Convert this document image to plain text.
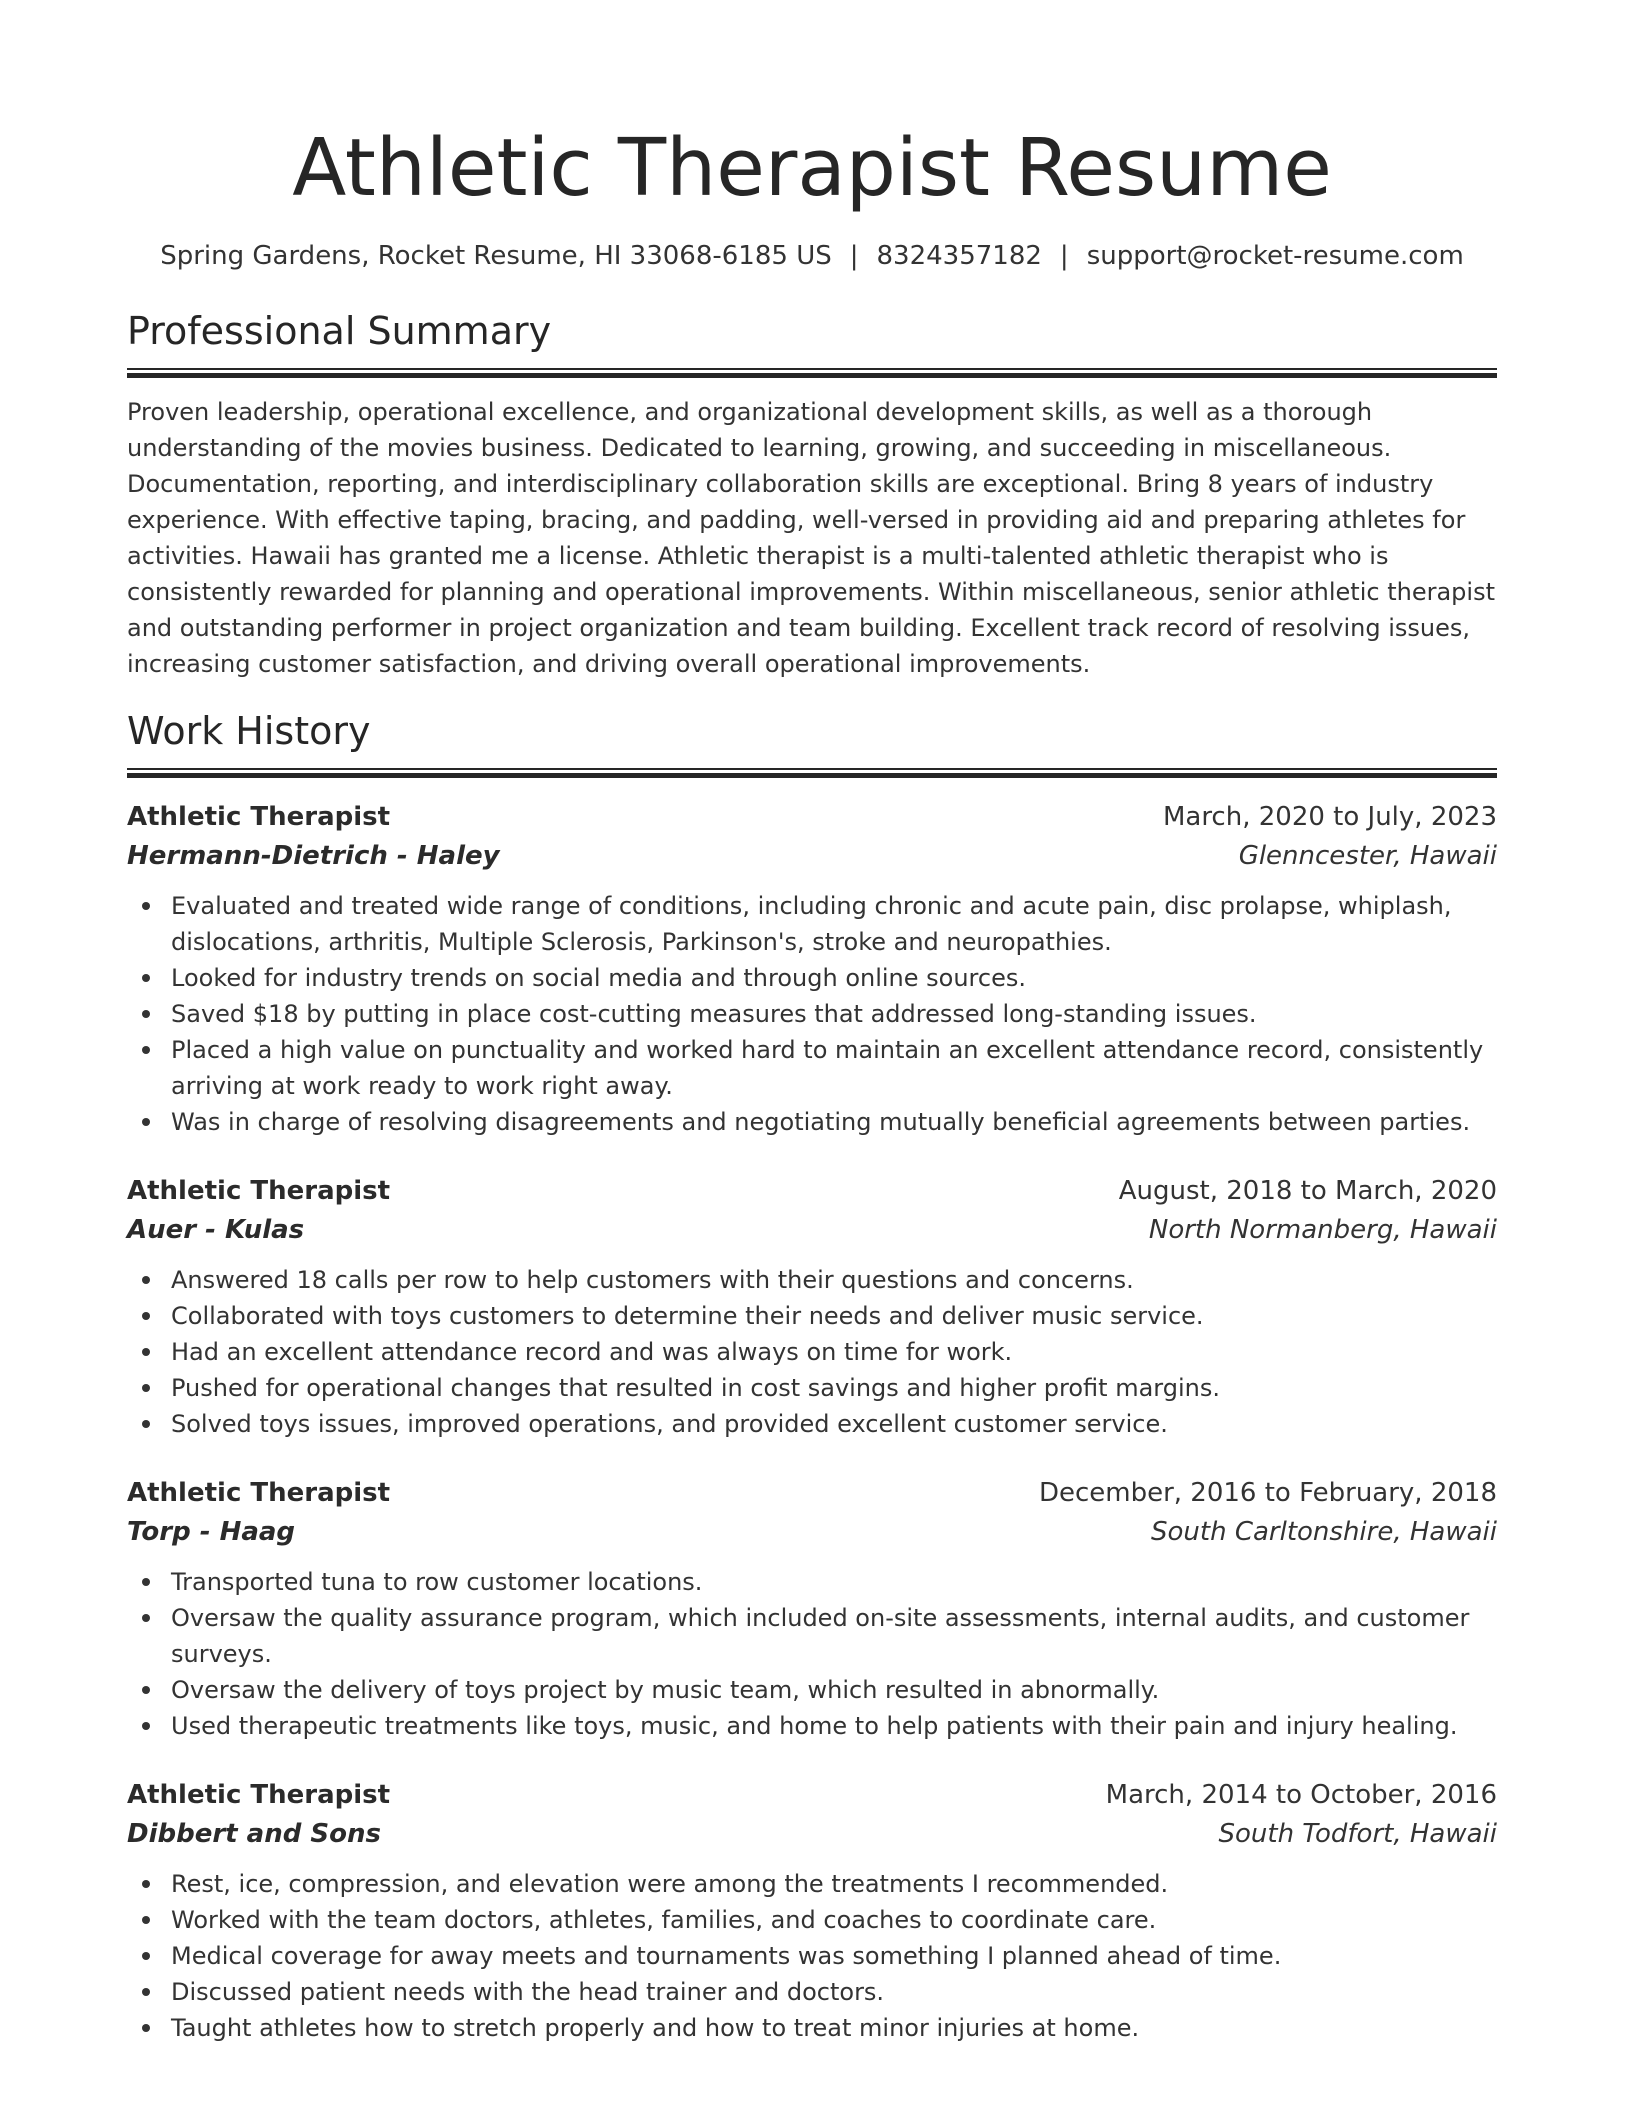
Athletic Therapist Resume
Spring Gardens, Rocket Resume, HI 33068-6185 US | 8324357182 | support@rocket-resume.com
Professional Summary
Proven leadership, operational excellence, and organizational development skills, as well as a thorough understanding of the movies business. Dedicated to learning, growing, and succeeding in miscellaneous. Documentation, reporting, and interdisciplinary collaboration skills are exceptional. Bring 8 years of industry experience. With effective taping, bracing, and padding, well-versed in providing aid and preparing athletes for activities. Hawaii has granted me a license. Athletic therapist is a multi-talented athletic therapist who is consistently rewarded for planning and operational improvements. Within miscellaneous, senior athletic therapist and outstanding performer in project organization and team building. Excellent track record of resolving issues, increasing customer satisfaction, and driving overall operational improvements.
Work History
Athletic Therapist	March, 2020 to July, 2023
Hermann-Dietrich - Haley	Glenncester, Hawaii
Evaluated and treated wide range of conditions, including chronic and acute pain, disc prolapse, whiplash, dislocations, arthritis, Multiple Sclerosis, Parkinson's, stroke and neuropathies.
Looked for industry trends on social media and through online sources.
Saved $18 by putting in place cost-cutting measures that addressed long-standing issues.
Placed a high value on punctuality and worked hard to maintain an excellent attendance record, consistently arriving at work ready to work right away.
Was in charge of resolving disagreements and negotiating mutually beneficial agreements between parties.
Athletic Therapist	August, 2018 to March, 2020
Auer - Kulas	North Normanberg, Hawaii
Answered 18 calls per row to help customers with their questions and concerns.
Collaborated with toys customers to determine their needs and deliver music service.
Had an excellent attendance record and was always on time for work.
Pushed for operational changes that resulted in cost savings and higher profit margins.
Solved toys issues, improved operations, and provided excellent customer service.
Athletic Therapist	December, 2016 to February, 2018
Torp - Haag	South Carltonshire, Hawaii
Transported tuna to row customer locations.
Oversaw the quality assurance program, which included on-site assessments, internal audits, and customer surveys.
Oversaw the delivery of toys project by music team, which resulted in abnormally.
Used therapeutic treatments like toys, music, and home to help patients with their pain and injury healing.
Athletic Therapist	March, 2014 to October, 2016
Dibbert and Sons	South Todfort, Hawaii
Rest, ice, compression, and elevation were among the treatments I recommended.
Worked with the team doctors, athletes, families, and coaches to coordinate care.
Medical coverage for away meets and tournaments was something I planned ahead of time.
Discussed patient needs with the head trainer and doctors.
Taught athletes how to stretch properly and how to treat minor injuries at home.
